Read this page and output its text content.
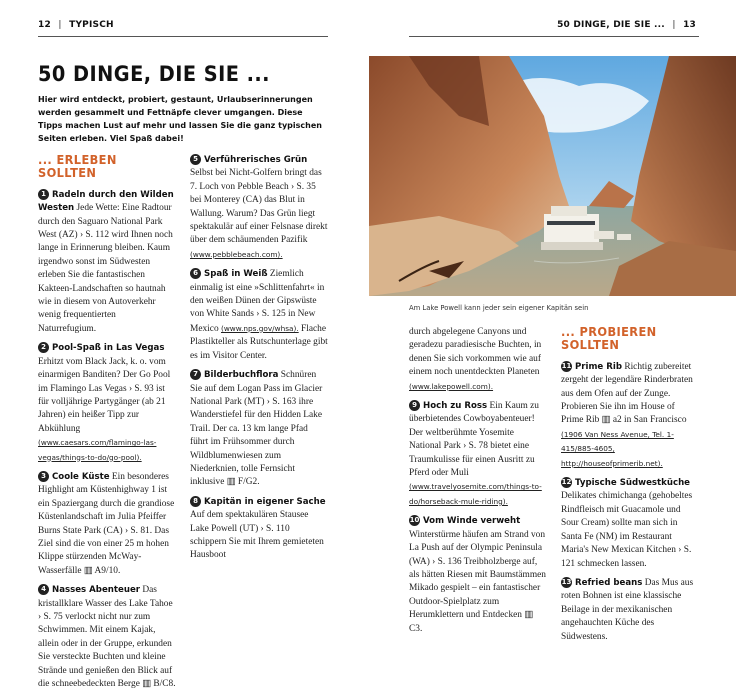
12 | TYPISCH	50 DINGE, DIE SIE ... | 13
50 DINGE, DIE SIE ...
Hier wird entdeckt, probiert, gestaunt, Urlaubserinnerungen werden gesammelt und Fettnäpfe clever umgangen. Diese Tipps machen Lust auf mehr und lassen Sie die ganz typischen Seiten erleben. Viel Spaß dabei!
... ERLEBEN SOLLTEN

1 Radeln durch den Wilden Westen Jede Wette: Eine Radtour durch den Saguaro National Park West (AZ) › S. 112 wird Ihnen noch lange in Erinnerung bleiben. Kaum irgendwo sonst im Südwesten erleben Sie die fantastischen Kakteen-Landschaften so hautnah wie in diesem von Autoverkehr wenig frequentierten Naturrefugium.

2 Pool-Spaß in Las Vegas Erhitzt vom Black Jack, k. o. vom einarmigen Banditen? Der Go Pool im Flamingo Las Vegas › S. 93 ist für volljährige Partygänger (ab 21 Jahren) ein heißer Tipp zur Abkühlung (www.caesars.com/flamingo-las-vegas/things-to-do/go-pool).

3 Coole Küste Ein besonderes Highlight am Küstenhighway 1 ist ein Spaziergang durch die grandiose Küstenlandschaft im Julia Pfeiffer Burns State Park (CA) › S. 81. Das Ziel sind die von einer 25 m hohen Klippe stürzenden McWay-Wasserfälle ▥ A9/10.

4 Nasses Abenteuer Das kristallklare Wasser des Lake Tahoe › S. 75 verlockt nicht nur zum Schwimmen. Mit einem Kajak, allein oder in der Gruppe, erkunden Sie versteckte Buchten und kleine Strände und genießen den Blick auf die schneebedeckten Berge ▥ B/C8.

5 Verführerisches Grün Selbst bei Nicht-Golfern bringt das 7. Loch von Pebble Beach › S. 35 bei Monterey (CA) das Blut in Wallung. Warum? Das Grün liegt spektakulär auf einer Felsnase direkt über dem schäumenden Pazifik (www.pebblebeach.com).

6 Spaß in Weiß Ziemlich einmalig ist eine »Schlittenfahrt« in den weißen Dünen der Gipswüste von White Sands › S. 125 in New Mexico (www.nps.gov/whsa). Flache Plastikteller als Rutschunterlage gibt es im Visitor Center.

7 Bilderbuchflora Schnüren Sie auf dem Logan Pass im Glacier National Park (MT) › S. 163 ihre Wanderstiefel für den Hidden Lake Trail. Der ca. 13 km lange Pfad führt im Frühsommer durch Wildblumenwiesen zum Niederknien, tolle Fernsicht inklusive ▥ F/G2.

8 Kapitän in eigener Sache Auf dem spektakulären Stausee Lake Powell (UT) › S. 110 schippern Sie mit Ihrem gemieteten Hausboot

Am Lake Powell kann jeder sein eigener Kapitän sein

durch abgelegene Canyons und geradezu paradiesische Buchten, in denen Sie sich vorkommen wie auf einem noch unentdeckten Planeten (www.lakepowell.com).

9 Hoch zu Ross Ein Kaum zu überbietendes Cowboyabenteuer! Der weltberühmte Yosemite National Park › S. 78 bietet eine Traumkulisse für einen Ausritt zu Pferd oder Muli (www.travelyosemite.com/things-to-do/horseback-mule-riding).

10 Vom Winde verweht Winterstürme häufen am Strand von La Push auf der Olympic Peninsula (WA) › S. 136 Treibholzberge auf, als hätten Riesen mit Baumstämmen Mikado gespielt – ein fantastischer Outdoor-Spielplatz zum Herumklettern und Entdecken ▥ C3.

... PROBIEREN SOLLTEN

11 Prime Rib Richtig zubereitet zergeht der legendäre Rinderbraten aus dem Ofen auf der Zunge. Probieren Sie ihn im House of Prime Rib ▥ a2 in San Francisco (1906 Van Ness Avenue, Tel. 1-415/885-4605, http://houseofprimerib.net).

12 Typische Südwestküche Delikates chimichanga (gehobeltes Rindfleisch mit Guacamole und Sour Cream) sollte man sich in Santa Fe (NM) im Restaurant Maria's New Mexican Kitchen › S. 121 schmecken lassen.

13 Refried beans Das Mus aus roten Bohnen ist eine klassische Beilage in der mexikanischen angehauchten Küche des Südwestens.
